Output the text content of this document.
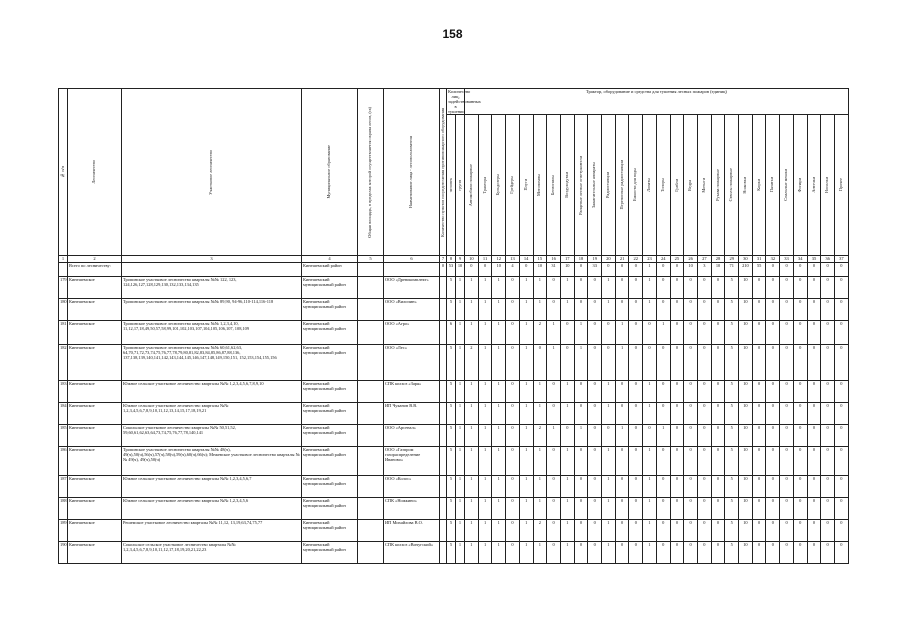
158
№ п/п	Лесничество	Участковое лесничество	Муниципальное образование	Общая площадь, в пределах которой осуществляется охрана лесов, (га)	Наименование лица - лесопользователя	Количество пунктов сосредоточения противопожарного оборудования	Количество лиц, задействованных в тушении		Трактор, оборудование и средства для тушения лесных пожаров (единиц)																												

							человек	групп	Автомобили пожарные	Трактора	Бульдозеры	Грейдеры	Плуги	Мотопомпы	Бензопилы	Воздуходувки	Ранцевые лесные огнетушители	Зажигательные аппараты	Радиостанции	Переносные радиостанции	Емкости для воды	Лопаты	Топоры	Грабли	Ведра	Мотыги	Рукава пожарные	Стволы пожарные	Ножовки	Кирки	Палатки	Спальные мешки	Фонари	Аптечки	Носилки	Прочее	

1	2	3	4	5	6	7	8	9	10	11	12	13	14	15	16	17	18	19	20	21	22	23	24	25	26	27	28	29	30	31	32	33	34	35	36	37	
	Всего по лесничеству:		Кинешемский район			0	53	10	0	0	10	4	0	10	31	10	0	33	0	0	0	1	0	0	10	3	10	71	210	55	0	0	0	0	0	0	
179	Кинешемское	Тропинское участковое лесничество кварталы №№ 122, 123, 124,126,127,128,129,130,132,133,134,135	Кинешемский муниципальный район		ООО «Древокомплект»		5	1	1	1	1	0	1	1	0	1	0	0	1	0	0	1	0	0	0	0	0	5	10	0	0	0	0	0	0	0	
180	Кинешемское	Тропинское участковое лесничество кварталы №№ 89,90, 94-96,110-114,116-118	Кинешемский муниципальный район		ООО «Вилопин»		5	1	1	1	1	0	1	1	0	1	0	0	1	0	0	1	0	0	0	0	0	5	10	0	0	0	0	0	0	0	
181	Кинешемское	Тропинское участковое лесничество кварталы №№ 1,2,3,4,10, 11,12,17,18,49,50,57,58,99,101,102,103,107,104,105,106,107, 108,109	Кинешемский муниципальный район		ООО «Агро»		6	1	1	1	1	0	1	2	1	0	1	0	0	1	0	0	1	0	0	0	0	5	10	0	0	0	0	0	0	0	
182	Кинешемское	Тропинское участковое лесничество кварталы №№ 60,61,62,63, 64,70,71,72,73,74,75,76,77,78,79,80,81,82,83,84,85,86,87,88,136, 137,138,139,140,141,142,143,144,145,146,147,148,149,150,151, 152,153,154,155,156	Кинешемский муниципальный район		ООО «Лес»		5	1	2	1	1	0	1	0	1	0	1	0	0	1	0	0	0	0	0	0	0	5	10	0	0	0	0	0	0	0	
183	Кинешемское	Южное сельское участковое лесничество кварталы №№ 1,2,3,4,5,6,7,8,9,10	Кинешемский муниципальный район		СПК колхоз «Заря»		5	1	1	1	1	0	1	1	0	1	0	0	1	0	0	1	0	0	0	0	0	5	10	0	0	0	0	0	0	0	
184	Кинешемское	Южное сельское участковое лесничество кварталы №№ 1,2,3,4,5,6,7,8,9,10,11,12,13,14,15,17,18,19,21	Кинешемский муниципальный район		ИП Чуканов В.В.		5	1	1	1	1	0	1	1	0	1	0	0	1	0	0	1	0	0	0	0	0	5	10	0	0	0	0	0	0	0	
185	Кинешемское	Сокольское участковое лесничество кварталы №№ 50,51,52, 59,60,61,62,63,64,73,74,75,76,77,78,140,141	Кинешемский муниципальный район		ООО «Арсенал»		5	1	1	1	1	0	1	2	1	0	1	0	0	1	0	0	1	0	0	0	0	5	10	0	0	0	0	0	0	0	
186	Кинешемское	Тропинское участковое лесничество кварталы №№ 48(ч), 49(ч),50(ч),56(ч),57(ч),58(ч),59(ч),60(ч),66(ч); Межевское участковое лесничество кварталы №№ 49(ч), 49(ч),50(ч)	Кинешемский муниципальный район		ООО «Газпром газораспределение Иваново»		5	1	1	1	1	0	1	1	0	1	0	0	1	0	0	1	0	0	0	0	0	5	10	0	0	0	0	0	0	0	
187	Кинешемское	Южное сельское участковое лесничество кварталы №№ 1,2,3,4,5,6,7	Кинешемский муниципальный район		ООО «Колос»		5	1	1	1	1	0	1	1	0	1	0	0	1	0	0	1	0	0	0	0	0	5	10	0	0	0	0	0	0	0	
188	Кинешемское	Южное сельское участковое лесничество кварталы №№ 1,2,3,4,5,6	Кинешемский муниципальный район		СПК «Ножкино»		5	1	1	1	1	0	1	1	0	1	0	0	1	0	0	1	0	0	0	0	0	5	10	0	0	0	0	0	0	0	
189	Кинешемское	Решемское участковое лесничество кварталы №№ 11,12, 13,19,63,74,75,77	Кинешемский муниципальный район		ИП Михайлова В.О.		5	1	1	1	1	0	1	2	0	1	0	0	1	0	0	1	0	0	0	0	0	5	10	0	0	0	0	0	0	0	
190	Кинешемское	Сокольское сельское участковое лесничество кварталы №№ 1,2,3,4,5,6,7,8,9,10,11,12,17,18,19,20,21,22,23	Кинешемский муниципальный район		СПК колхоз «Вичугский»		5	1	1	1	1	0	1	1	0	1	0	0	1	0	0	1	0	0	0	0	0	5	10	0	0	0	0	0	0	0	
